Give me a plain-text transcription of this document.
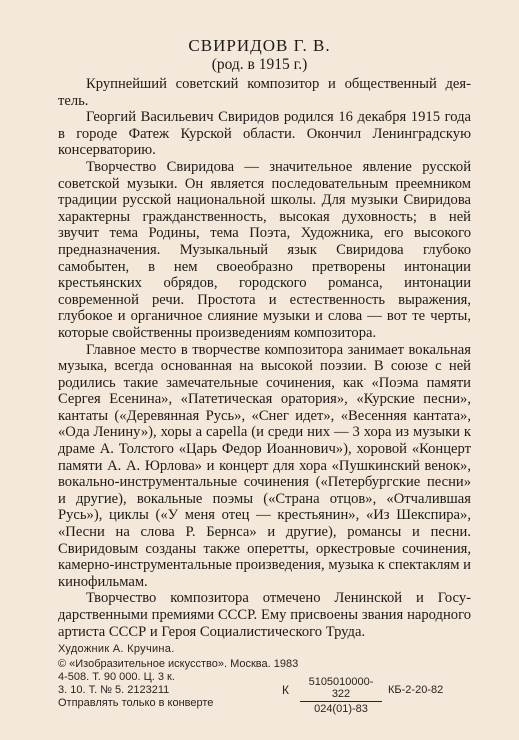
СВИРИДОВ Г. В.
(род. в 1915 г.)

Крупнейший советский композитор и общественный деятель.

Георгий Васильевич Свиридов родился 16 декабря 1915 года в городе Фатеж Курской области. Окончил Ленинградскую консерваторию.

Творчество Свиридова — значительное явление русской советской музыки. Он является последовательным преемником традиции русской национальной школы. Для музыки Свиридова характерны гражданственность, высокая духовность; в ней звучит тема Родины, тема Поэта, Художника, его высокого предназначения. Музыкальный язык Свиридова глубоко самобытен, в нем своеобразно претворены интонации крестьянских обрядов, городского романса, интонации современной речи. Простота и естественность выражения, глубокое и органичное слияние музыки и слова — вот те черты, которые свойственны произведениям композитора.

Главное место в творчестве композитора занимает вокальная музыка, всегда основанная на высокой поэзии. В союзе с ней родились такие замечательные сочинения, как «Поэма памяти Сергея Есенина», «Патетическая оратория», «Курские песни», кантаты («Деревянная Русь», «Снег идет», «Весенняя кантата», «Ода Ленину»), хоры a capella (и среди них — 3 хора из музыки к драме А. Толстого «Царь Федор Иоаннович»), хоровой «Концерт памяти А. А. Юрлова» и концерт для хора «Пушкинский венок», вокально-инструментальные сочинения («Петербургские песни» и другие), вокальные поэмы («Страна отцов», «Отчалившая Русь»), циклы («У меня отец — крестьянин», «Из Шекспира», «Песни на слова Р. Бернса» и другие), романсы и песни. Свиридовым созданы также оперетты, оркестровые сочинения, камерно-инструментальные произведения, музыка к спектаклям и кинофильмам.

Творчество композитора отмечено Ленинской и Государственными премиями СССР. Ему присвоены звания народного артиста СССР и Героя Социалистического Труда.

Художник А. Кручина.
© «Изобразительное искусство». Москва. 1983
4-508. Т. 90 000. Ц. 3 к.
3. 10. Т. № 5. 2123211
Отправлять только в конверте
К $\frac{5105010000-322}{024(01)-83} КБ-2-20-82$
